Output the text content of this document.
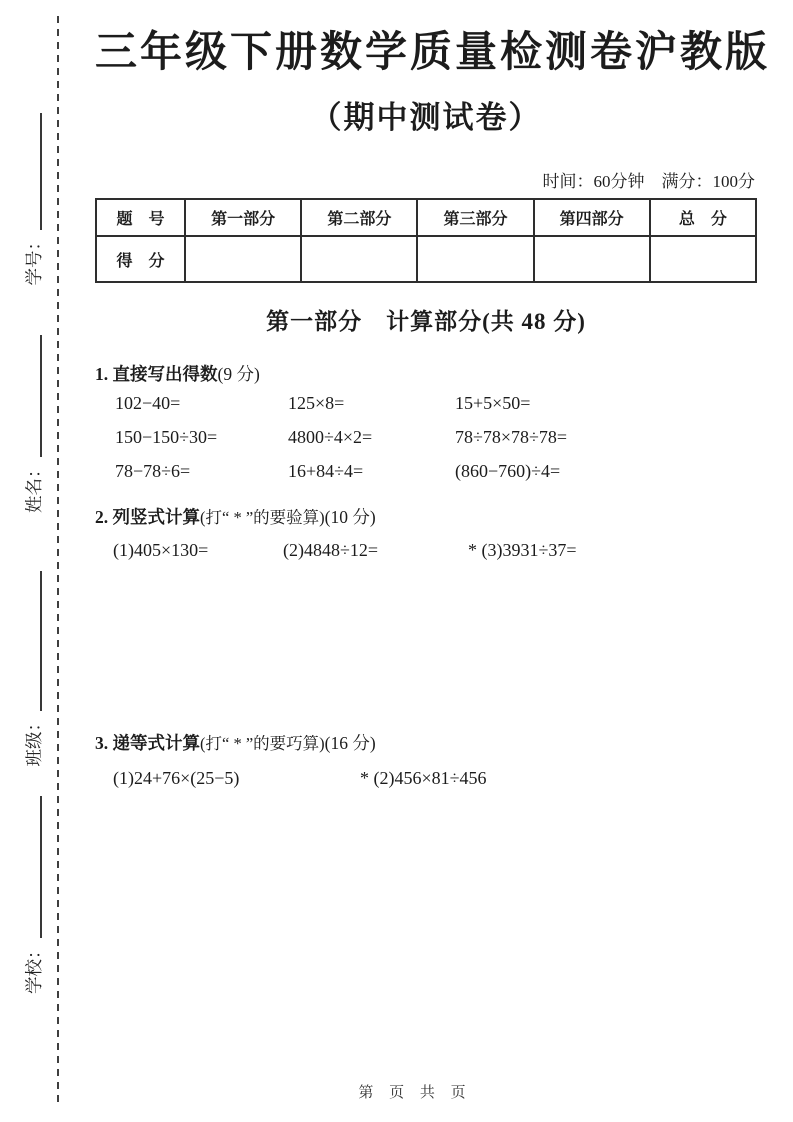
学校：
班级：
姓名：
学号：
三年级下册数学质量检测卷沪教版
（期中测试卷）
时间：60分钟　满分：100分
题　号	第一部分	第二部分	第三部分	第四部分	总　分
得　分					
第一部分　计算部分(共 48 分)
1. 直接写出得数(9 分)
102−40=	125×8=	15+5×50=
150−150÷30=	4800÷4×2=	78÷78×78÷78=
78−78÷6=	16+84÷4=	(860−760)÷4=
2. 列竖式计算(打“ * ”的要验算)(10 分)
(1)405×130=	(2)4848÷12=	* (3)3931÷37=
3. 递等式计算(打“ * ”的要巧算)(16 分)
(1)24+76×(25−5)	* (2)456×81÷456
第 页 共 页
